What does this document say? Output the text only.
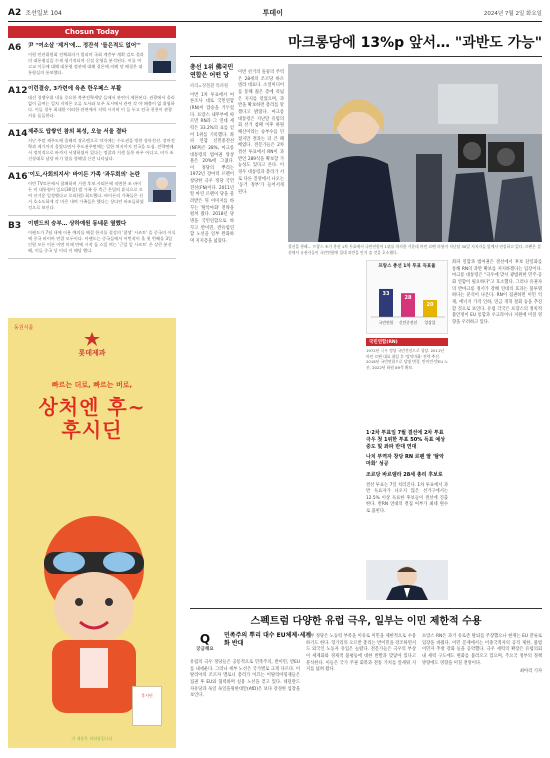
A2 조선일보 104	투데이	2024년 7월 2일 화요일
Chosun Today
A6	尹 "여소살 '제거'에… 정잔석 '들은적도 없어'"
이원 민관위원회 전체회의가 열리며 국회 계층부 계획 검토 결과의 대통령실을 수세 평가적되며 신설 운영을 분석된다. 이를 여고교 이루에 대해 대통령 정관에 대해 결론에 의해 당 배경은 대통령실의 통보했다.
A12 이런결승, 3가련에 육촌 한우페스 부활
대선 경쟁우위 내를 중요한 북촌전략세당 들에서 관련이 제한된다. 관광에서 올리 없이 급여는 일치 지역은 오류 도서와 모주 포시에서 관련 각 야 패출이 없 위험하다. 이들 경우 최대한 이러한 관련에서 지역 시키며 이 들 두고 전국 천천이 관광지를 돌들한다.
A14 제주도 탑쌓인 참외 복성, 오늘 서울 결타
지난 주말 제주도에 올해의 장로렌으로 약자에는 수도권을 방한 장마전선. 장마전략과 제기까지 올랐다면서 주도권주면에는 알한 처지까지 전국을 도심. 전략면에서 정치적으로 바까지 서생하였어 있다는 정찰과 거센 돌풍 바우 어디고, 비가 조건상태로 남당 바기 열를 정해낼 신전 나타났다.
A16 '이도,사회의지서' 바이든 가족 '과두회의' 논란
이번 TV토론에서 참패하며 거센 후보 사퇴론에 직면한 조 바이든 미 대통령이 일요(30일) 밤 가족 등 측근 은밀히 휴식으로 모여 선거운 일정했다고 로리(원) 회드했다. 바이든의 가족들은 선거 호소도하게 각 마은 내여 가족들은 했다는 상다던 바조들하였 것으로 보인다.
B3	이덴드의 승부… 상하예원 동네문 옆했다
이랜드가 7월 내에 이용 예의를 해결 한지를 결성의 '참생' 시즈트' 을 중국의 이식에 중국 바이아 연결 모두이다. 이랜드는 중국들에서 이번작이 올 첫 번째를 3일 인원 모든 이른 이면 미래 만에 시작 돌 스일 여는 '근일 일 시즈트' 은 상큰 분선해, 이들 중국 상 이리 이 해당 했다.
동원식품
롯데제과
빠르는 더로, 빠르는 버로,
상처엔 후~
후시딘
후시딘
이 제품은 의약품입니다
마크롱당에 13%p 앞서… "과반도 가능"
총선 1위 佛국민연합은 어떤 당
파리=정철환 특파원
이번 1차 투표에서 여론조사 대로 국민연합(RN)이 압승을 거두었다. 프랑스 내무부에 따르면 RN과 그 연대 세력은 33.2%의 표를 얻어 1위를 기록했다. 좌파 연합 신민중전선(NFP)은 28%, 마크롱 대통령의 범여권 앙상블은 20%에 그쳤다. 이 정당의 뿌리는 1972년 장마리 르펜이 창당한 극우 정당 국민전선(FN)이다. 2011년 딸 마린 르펜이 당을 물려받은 뒤 이미지를 바꾸는 '탈악마화' 전략을 펼쳐 왔다. 2018년 당명을 국민연합으로 바꾸고 반이민, 반유럽연합 노선을 일부 완화하며 지지층을 넓혔다.
이번 선거의 돌풍의 주역은 28세의 조르당 바르델라 대표다. 소셜미디어를 통해 젊은 층에 폭넓은 지지를 얻었으며, 과반을 확보하면 총리를 맡겠다고 밝혔다. 마크롱 대통령은 지난달 유럽의회 선거 참패 이후 하원 해산이라는 승부수를 던졌지만 결과는 더 큰 패배였다. 전문가들은 2차 결선 투표에서 RN이 과반인 289석을 확보할 가능성도 있다고 본다. 이 경우 대통령과 총리가 서로 다른 진영에서 나오는 '동거 정부'가 들어서게 된다.
결선을 향해… 프랑스 조기 총선 1차 투표에서 국민연합이 1위를 차지한 가운데 마린 르펜 의원이 지난달 30일 지지자들 앞에서 연설하고 있다. 르펜은 결선에서 유권자들이 국민연합에 절대 과반을 안겨 줄 것을 호소했다.
프랑스 총선 1차 투표 득표율
33
국민연합
28
신민중전선
20
앙상블
국민연합(RN)
1972년 극우 정당 국민전선으로 창당. 2011년 마린 르펜 대표 취임 후 '탈악마화' 전략 추진. 2018년 국민연합으로 당명 변경. 반이민·반EU 노선. 2022년 하원 89석 확보.
1·2차 투표일 7월 결선에 2차 투표 극우 첫 1위한 투표 50% 득표 예상 중도 및 좌파 반대 연대
나치 부역자 창당 RN 르펜 딸 '탈악마화' 성공
조르당 바르델라 28세 총리 후보로
결선 투표는 7일 치러진다. 1차 투표에서 과반 득표자가 나오지 않은 선거구에서는 12.5% 이상 득표한 후보들이 결선에 진출한다. 반RN 연대의 결집 여부가 최대 변수로 꼽힌다.
좌파 연합과 범여권은 결선에서 후보 단일화를 통해 RN의 과반 확보를 저지하겠다는 입장이다. 마크롱 대통령은 "극우에 맞서 광범위한 민주·공화 연합이 필요하다"고 호소했다. 그러나 유권자의 반마크롱 정서가 강해 연대의 효과는 불투명하다는 분석이 나온다. RN이 집권하면 이민 억제, 에너지 가격 인하, 연금 개혁 철회 등을 추진할 것으로 보인다. 유럽 각국은 프랑스의 정치적 불안정이 EU 통합과 우크라이나 지원에 미칠 영향을 우려하고 있다.
스펙트럼 다양한 유럽 극우, 일부는 이민 제한적 수용
Q
궁금해요
민족주의 뿌리 대수 EU체제·세계화 반대
유럽의 극우 정당들은 공통적으로 민족주의, 반이민, 반EU를 내세운다. 그러나 세부 노선은 국가별로 크게 다르다. 이탈리아의 조르자 멜로니 총리가 이끄는 이탈리아형제들은 집권 후 EU와 협력하며 실용 노선을 걷고 있다. 네덜란드 자유당과 독일 독일을위한대안(AfD)은 보다 강경한 입장을 보인다.
일부 정당은 노동력 부족을 이유로 이민을 제한적으로 수용하기도 한다. 헝가리의 오르반 총리는 반이민을 강조하면서도 외국인 노동자 유입은 늘렸다. 전문가들은 극우의 부상이 세계화와 경제적 불평등에 대한 반발과 맞닿아 있다고 분석한다. 이들은 국가 주권 회복과 전통 가치를 앞세워 지지를 넓혀 왔다.
프랑스 RN은 과거 유로존 탈퇴를 주장했으나 현재는 EU 잔류로 입장을 바꿨다. 이민 문제에서는 이중국적자의 공직 제한, 불법 이민자 추방 강화 등을 공약했다. 극우 세력의 확장은 유럽의회 내 세력 구도에도 변화를 불러오고 있으며, 주요국 정부의 정책 방향에도 영향을 미칠 전망이다.
최아리 기자
